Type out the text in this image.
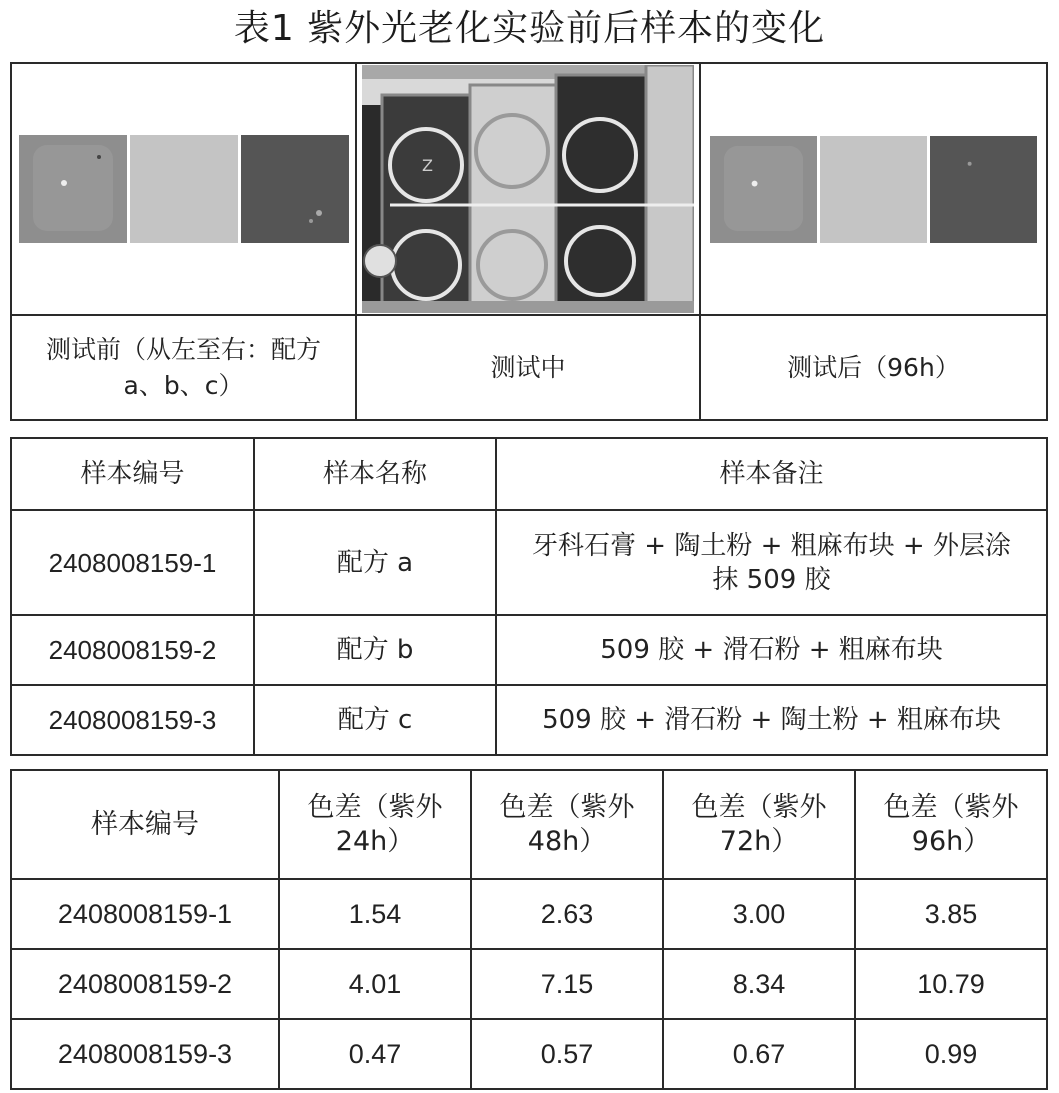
表1 紫外光老化实验前后样本的变化

Z

测试前（从左至右：配方 a、b、c）	测试中	测试后（96h）
样本编号	样本名称	样本备注
2408008159-1	配方 a	牙科石膏 + 陶土粉 + 粗麻布块 + 外层涂抹 509 胶
2408008159-2	配方 b	509 胶 + 滑石粉 + 粗麻布块
2408008159-3	配方 c	509 胶 + 滑石粉 + 陶土粉 + 粗麻布块
样本编号	色差（紫外 24h）	色差（紫外 48h）	色差（紫外 72h）	色差（紫外 96h）
2408008159-1	1.54	2.63	3.00	3.85
2408008159-2	4.01	7.15	8.34	10.79
2408008159-3	0.47	0.57	0.67	0.99
